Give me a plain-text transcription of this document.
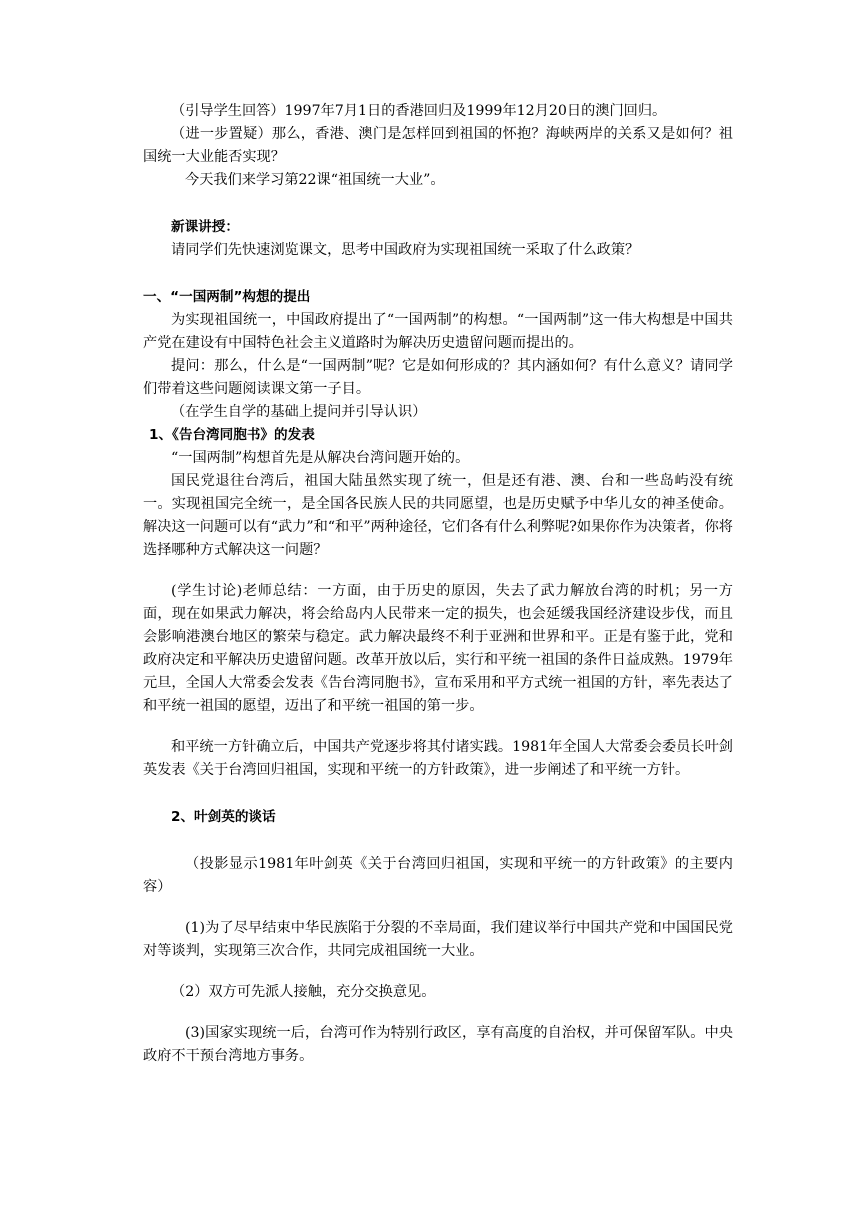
（引导学生回答）1997年7月1日的香港回归及1999年12月20日的澳门回归。

（进一步置疑）那么，香港、澳门是怎样回到祖国的怀抱？海峡两岸的关系又是如何？祖国统一大业能否实现？

今天我们来学习第22课“祖国统一大业”。

新课讲授：

请同学们先快速浏览课文，思考中国政府为实现祖国统一采取了什么政策？

一、“一国两制”构想的提出

为实现祖国统一，中国政府提出了“一国两制”的构想。“一国两制”这一伟大构想是中国共产党在建设有中国特色社会主义道路时为解决历史遗留问题而提出的。

提问：那么，什么是“一国两制”呢？它是如何形成的？其内涵如何？有什么意义？请同学们带着这些问题阅读课文第一子目。

（在学生自学的基础上提问并引导认识）

1、《告台湾同胞书》的发表

“一国两制”构想首先是从解决台湾问题开始的。

国民党退往台湾后，祖国大陆虽然实现了统一，但是还有港、澳、台和一些岛屿没有统一。实现祖国完全统一，是全国各民族人民的共同愿望，也是历史赋予中华儿女的神圣使命。解决这一问题可以有“武力”和“和平”两种途径，它们各有什么利弊呢?如果你作为决策者，你将选择哪种方式解决这一问题？

(学生讨论)老师总结：一方面，由于历史的原因，失去了武力解放台湾的时机；另一方面，现在如果武力解决，将会给岛内人民带来一定的损失，也会延缓我国经济建设步伐，而且会影响港澳台地区的繁荣与稳定。武力解决最终不利于亚洲和世界和平。正是有鉴于此，党和政府决定和平解决历史遗留问题。改革开放以后，实行和平统一祖国的条件日益成熟。1979年元旦，全国人大常委会发表《告台湾同胞书》，宣布采用和平方式统一祖国的方针，率先表达了和平统一祖国的愿望，迈出了和平统一祖国的第一步。

和平统一方针确立后，中国共产党逐步将其付诸实践。1981年全国人大常委会委员长叶剑英发表《关于台湾回归祖国，实现和平统一的方针政策》，进一步阐述了和平统一方针。

2、叶剑英的谈话

（投影显示1981年叶剑英《关于台湾回归祖国，实现和平统一的方针政策》的主要内容）

(1)为了尽早结束中华民族陷于分裂的不幸局面，我们建议举行中国共产党和中国国民党对等谈判，实现第三次合作，共同完成祖国统一大业。

（2）双方可先派人接触，充分交换意见。

(3)国家实现统一后，台湾可作为特别行政区，享有高度的自治权，并可保留军队。中央政府不干预台湾地方事务。
